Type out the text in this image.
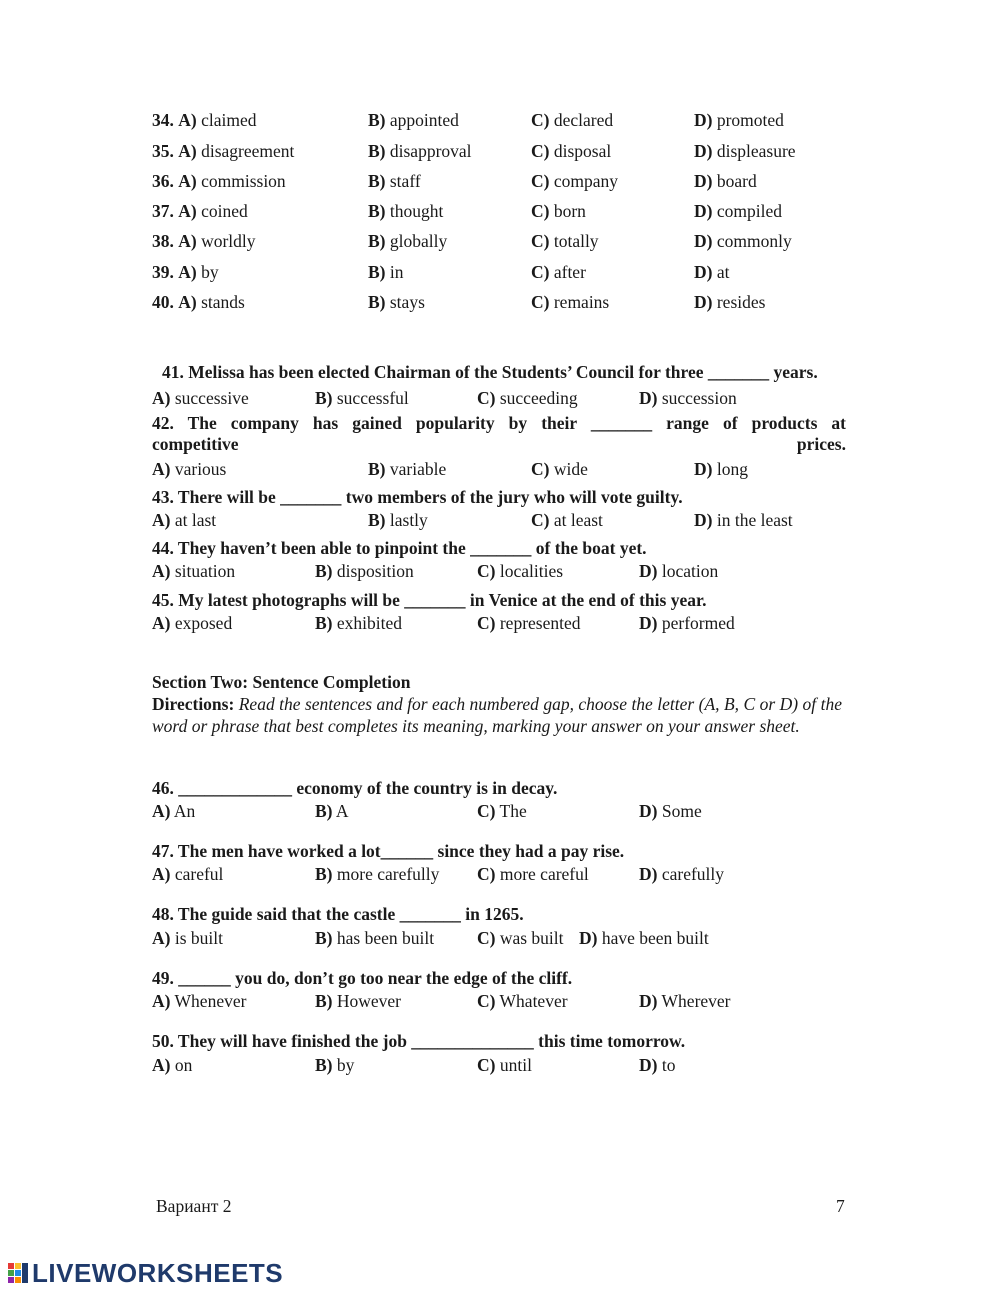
34. A) claimed	B) appointed	C) declared	D) promoted
35. A) disagreement	B) disapproval	C) disposal	D) displeasure
36. A) commission	B) staff	C) company	D) board
37. A) coined	B) thought	C) born	D) compiled
38. A) worldly	B) globally	C) totally	D) commonly
39. A) by	B) in	C) after	D) at
40. A) stands	B) stays	C) remains	D) resides
41. Melissa has been elected Chairman of the Students’ Council for three _______ years.
A) successive	B) successful	C) succeeding	D) succession
42. The company has gained popularity by their _______ range of products at
competitive prices.
A) various	B) variable	C) wide	D) long
43. There will be _______ two members of the jury who will vote guilty.
A) at last	B) lastly	C) at least	D) in the least
44. They haven’t been able to pinpoint the _______ of the boat yet.
A) situation	B) disposition	C) localities	D) location
45. My latest photographs will be _______ in Venice at the end of this year.
A) exposed	B) exhibited	C) represented	D) performed
Section Two: Sentence Completion
Directions: Read the sentences and for each numbered gap, choose the letter (A, B, C or D) of the word or phrase that best completes its meaning, marking your answer on your answer sheet.
46. _____________ economy of the country is in decay.
A) An	B) A	C) The	D) Some
47. The men have worked a lot______ since they had a pay rise.
A) careful	B) more carefully C) more careful	D) carefully
48. The guide said that the castle _______ in 1265.
A) is built	B) has been built C) was built D) have been built
49. ______ you do, don’t go too near the edge of the cliff.
A) Whenever	B) However	C) Whatever	D) Wherever
50. They will have finished the job ______________ this time tomorrow.
A) on	B) by	C) until	D) to
Вариант 2	7
LIVEWORKSHEETS
